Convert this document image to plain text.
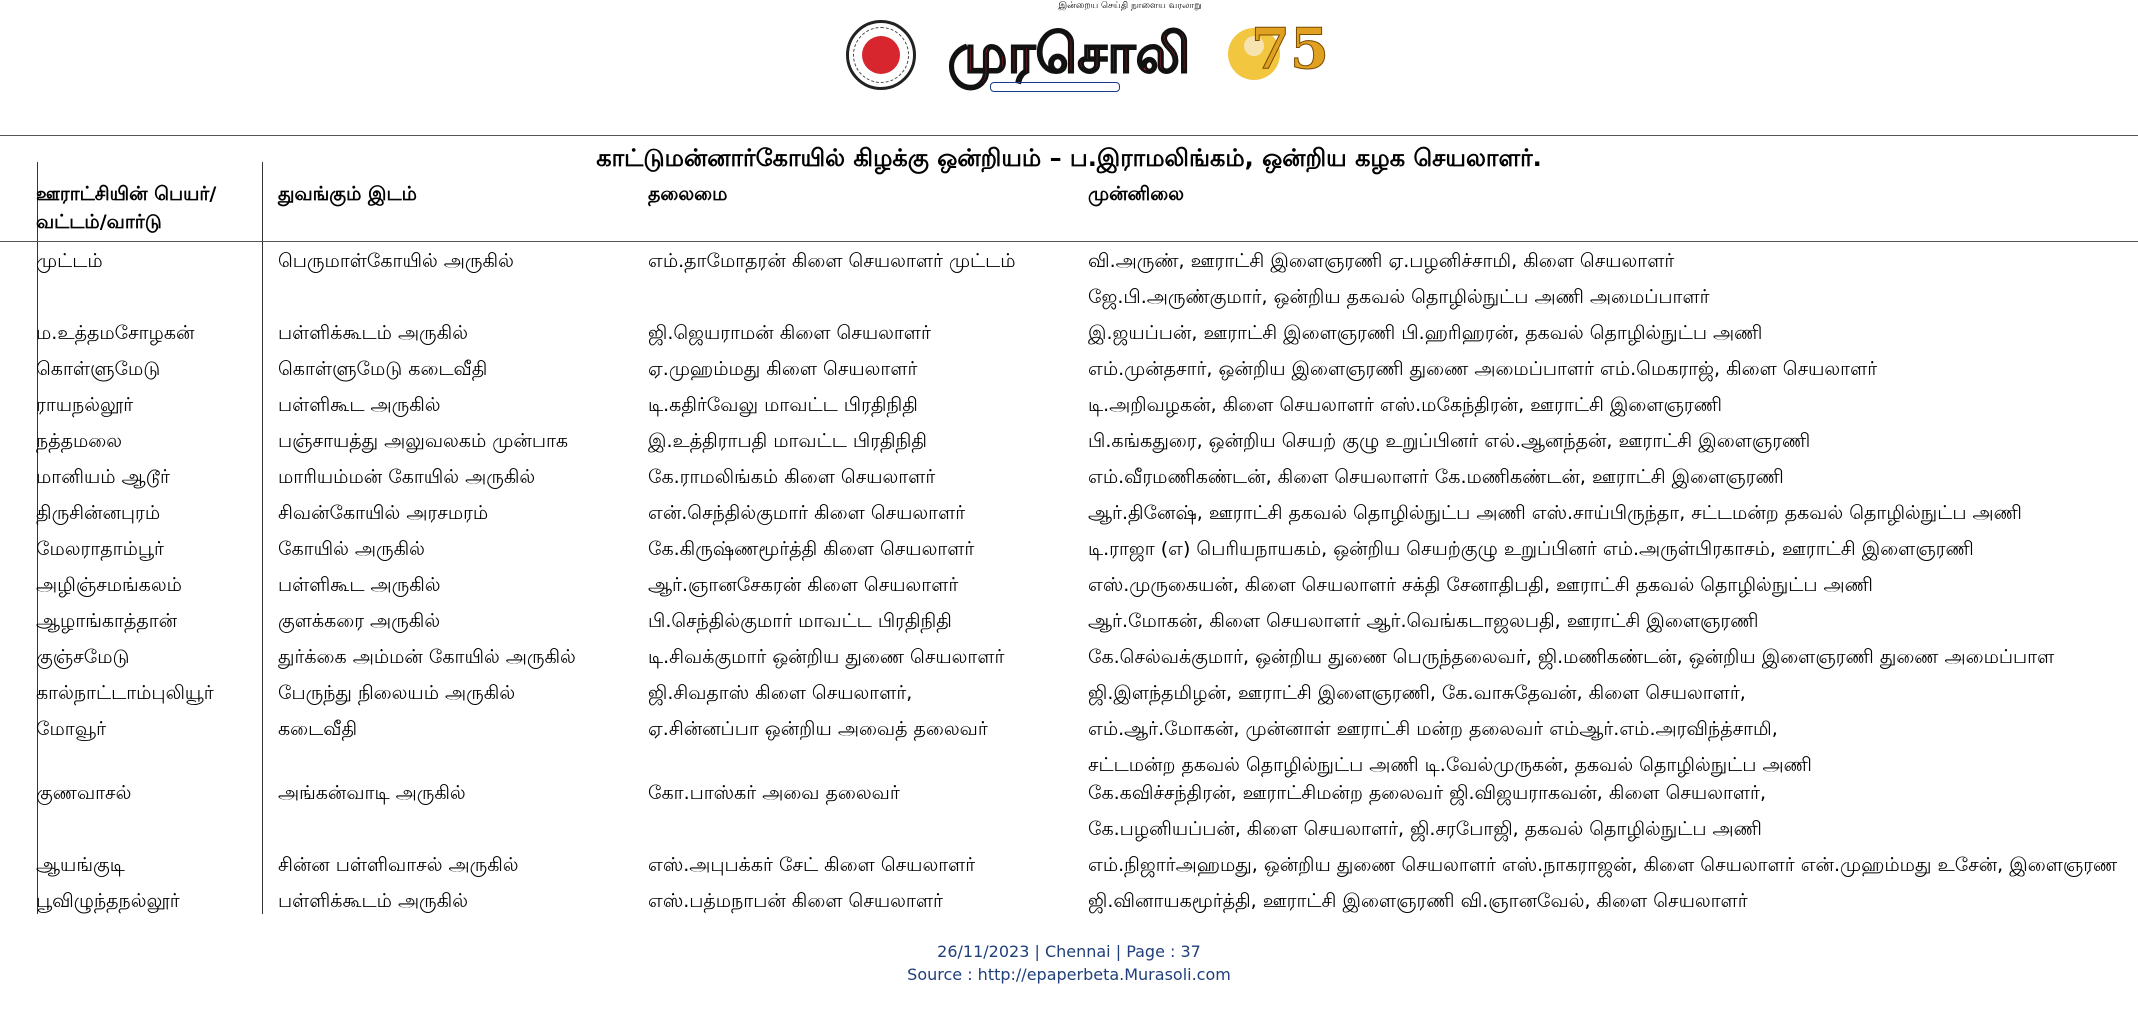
இன்றைய செய்தி நாளைய வரலாறு
முரசொலி 75
காட்டுமன்னார்கோயில் கிழக்கு ஒன்றியம் – ப.இராமலிங்கம், ஒன்றிய கழக செயலாளர்.
ஊராட்சியின் பெயர்/ வட்டம்/வார்டு
துவங்கும் இடம்	தலைமை	முன்னிலை
முட்டம்	பெருமாள்கோயில் அருகில்	எம்.தாமோதரன் கிளை செயலாளர் முட்டம்	வி.அருண், ஊராட்சி இளைஞரணி ஏ.பழனிச்சாமி, கிளை செயலாளர்
ஜே.பி.அருண்குமார், ஒன்றிய தகவல் தொழில்நுட்ப அணி அமைப்பாளர்
ம.உத்தமசோழகன்	பள்ளிக்கூடம் அருகில்	ஜி.ஜெயராமன் கிளை செயலாளர்	இ.ஜயப்பன், ஊராட்சி இளைஞரணி பி.ஹரிஹரன், தகவல் தொழில்நுட்ப அணி
கொள்ளுமேடு	கொள்ளுமேடு கடைவீதி	ஏ.முஹம்மது கிளை செயலாளர்	எம்.முன்தசார், ஒன்றிய இளைஞரணி துணை அமைப்பாளர் எம்.மெகராஜ், கிளை செயலாளர்
ராயநல்லூர்	பள்ளிகூட அருகில்	டி.கதிர்வேலு மாவட்ட பிரதிநிதி	டி.அறிவழகன், கிளை செயலாளர் எஸ்.மகேந்திரன், ஊராட்சி இளைஞரணி
நத்தமலை	பஞ்சாயத்து அலுவலகம் முன்பாக	இ.உத்திராபதி மாவட்ட பிரதிநிதி	பி.கங்கதுரை, ஒன்றிய செயற் குழு உறுப்பினர் எல்.ஆனந்தன், ஊராட்சி இளைஞரணி
மானியம் ஆடூர்	மாரியம்மன் கோயில் அருகில்	கே.ராமலிங்கம் கிளை செயலாளர்	எம்.வீரமணிகண்டன், கிளை செயலாளர் கே.மணிகண்டன், ஊராட்சி இளைஞரணி
திருசின்னபுரம்	சிவன்கோயில் அரசமரம்	என்.செந்தில்குமார் கிளை செயலாளர்	ஆர்.தினேஷ், ஊராட்சி தகவல் தொழில்நுட்ப அணி எஸ்.சாய்பிருந்தா, சட்டமன்ற தகவல் தொழில்நுட்ப அணி
மேலராதாம்பூர்	கோயில் அருகில்	கே.கிருஷ்ணமூர்த்தி கிளை செயலாளர்	டி.ராஜா (எ) பெரியநாயகம், ஒன்றிய செயற்குழு உறுப்பினர் எம்.அருள்பிரகாசம், ஊராட்சி இளைஞரணி
அழிஞ்சமங்கலம்	பள்ளிகூட அருகில்	ஆர்.ஞானசேகரன் கிளை செயலாளர்	எஸ்.முருகையன், கிளை செயலாளர் சக்தி சேனாதிபதி, ஊராட்சி தகவல் தொழில்நுட்ப அணி
ஆழாங்காத்தான்	குளக்கரை அருகில்	பி.செந்தில்குமார் மாவட்ட பிரதிநிதி	ஆர்.மோகன், கிளை செயலாளர் ஆர்.வெங்கடாஜலபதி, ஊராட்சி இளைஞரணி
குஞ்சமேடு	துர்க்கை அம்மன் கோயில் அருகில்	டி.சிவக்குமார் ஒன்றிய துணை செயலாளர்	கே.செல்வக்குமார், ஒன்றிய துணை பெருந்தலைவர், ஜி.மணிகண்டன், ஒன்றிய இளைஞரணி துணை அமைப்பாள
கால்நாட்டாம்புலியூர்	பேருந்து நிலையம் அருகில்	ஜி.சிவதாஸ் கிளை செயலாளர்,	ஜி.இளந்தமிழன், ஊராட்சி இளைஞரணி, கே.வாசுதேவன், கிளை செயலாளர்,
மோவூர்	கடைவீதி	ஏ.சின்னப்பா ஒன்றிய அவைத் தலைவர்	எம்.ஆர்.மோகன், முன்னாள் ஊராட்சி மன்ற தலைவர் எம்ஆர்.எம்.அரவிந்த்சாமி,
சட்டமன்ற தகவல் தொழில்நுட்ப அணி டி.வேல்முருகன், தகவல் தொழில்நுட்ப அணி
குணவாசல்	அங்கன்வாடி அருகில்	கோ.பாஸ்கர் அவை தலைவர்	கே.கவிச்சந்திரன், ஊராட்சிமன்ற தலைவர் ஜி.விஜயராகவன், கிளை செயலாளர்,
கே.பழனியப்பன், கிளை செயலாளர், ஜி.சரபோஜி, தகவல் தொழில்நுட்ப அணி
ஆயங்குடி	சின்ன பள்ளிவாசல் அருகில்	எஸ்.அபுபக்கர் சேட் கிளை செயலாளர்	எம்.நிஜார்அஹமது, ஒன்றிய துணை செயலாளர் எஸ்.நாகராஜன், கிளை செயலாளர் என்.முஹம்மது உசேன், இளைஞரண
பூவிழுந்தநல்லூர்	பள்ளிக்கூடம் அருகில்	எஸ்.பத்மநாபன் கிளை செயலாளர்	ஜி.வினாயகமூர்த்தி, ஊராட்சி இளைஞரணி வி.ஞானவேல், கிளை செயலாளர்
26/11/2023 | Chennai | Page : 37
Source : http://epaperbeta.Murasoli.com
